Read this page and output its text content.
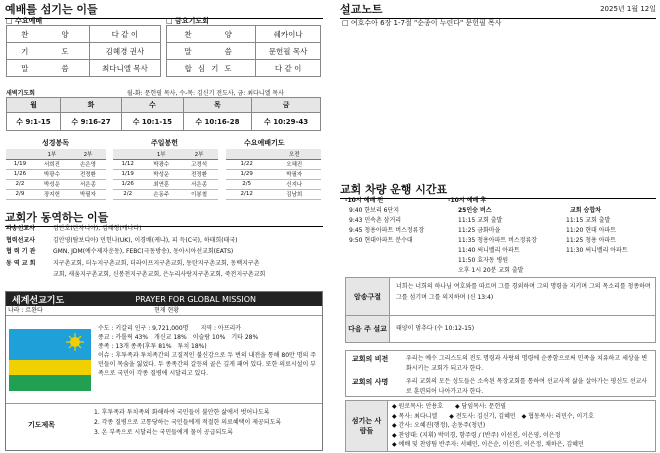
예배를 섬기는 이들
□ 수요예배
찬　　양	다 같 이
기　　도	김혜경 권사
말　　씀	최다니엘 목사
□ 금요기도회
찬　　양	쉐카이나
말　　씀	문헌필 목사
합심기도	다 같 이
새벽기도회	월-화: 문헌필 목사, 수-목: 김신기 전도사, 금: 최다니엘 목사
월	화	수	목	금
수 9:1-15	수 9:16-27	수 10:1-15	수 10:16-28	수 10:29-43
성경봉독
	1부	2부
1/19	서희진	손은영
1/26	박광수	전정환
2/2	박성운	서은종
2/9	장지헌	박필자
주일봉헌
	1부	2부
1/12	박광수	고경석
1/19	박성운	전정환
1/26	최연훈	서은종
2/2	손동주	이봉철
수요예배기도
	오전
1/22	오혜진
1/29	박필자
2/5	신지나
2/12	김남희
교회가 동역하는 이들
파송선교사	김안호(탄자니아), 김태형(캐나다)
협력선교사	김안영(탐보디아) 민헌나(UK), 이경배(케냐), 피 득(C국), 하태희(태국)
협 력 기 관	GMN, JDM(예수제자운동), FEBC(극동방송), 동아시아선교회(EATS)
동 역 교 회	지구촌교회, 더누지구촌교회, 더라이프지구촌교회, 동탄지구촌교회, 동백지구촌
교회, 새움지구촌교회, 신봉천지구촌교회, 은누리사랑지구촌교회, 죽전지구촌교회
세계선교기도	PRAYER FOR GLOBAL MISSION
나라 : 르완다	현재 현황
수도 : 키갈리 인구 : 9,721,000명　　지역 : 아프리카
종교 : 카톨릭 43%　개신교 18%　이슬람 10%　기타 28%
종족 : 13개 종족(후투 81%　투치 18%)
이슈 : 후투족과 투치족간의 고질적인 불신감으로 두 번의 내전을 통해 80만 명의 주민들이 목숨을 잃었다. 두 종족간의 갈등의 골은 깊게 패여 있다. 또한 의료시설이 부족으로 국민이 각종 질병에 시달리고 있다.
기도제목
1. 후투족과 투치족의 화해하여 국민들이 불안한 삶에서 벗어나도록
2. 각종 질병으로 고통당하는 국민들에게 적절한 의료혜택이 제공되도록
3. 온 부족으로 시달리는 국민들에게 물이 공급되도록
설교노트	2025년 1월 12일
□ 여호수아 6장 1-7절 "순종이 누린다" 문헌필 목사
교회 차량 운행 시간표
-10시 예배 전
9:40 한보리 6단지
9:43 민속촌 삼거리
9:45 청용아파트 버스정류장
9:50 현대아파트 분수대
-10시 예배 후
25인승 버스
11:15 교회 출발
11:25 금화마을
11:35 청용아파트 버스정류장
11:40 써니밸리 아파트
11:50 효자동 병원
오후 1시 20분 교회 출발
교회 승합차
11:15 교회 출발
11:20 현대 아파트
11:25 청용 아파트
11:30 써니밸리 아파트
암송구절
너희는 너희의 하나님 여호와를 따르며 그를 경외하며 그의 명령을 지키며 그의 목소리를 청종하며 그를 섬기며 그를 의지하며 (신 13:4)
다음 주 설교	태양이 멈추다 (수 10:12-15)
교회의 비전	우리는 예수 그리스도의 전도 명령과 사랑의 명령에 순종함으로써 민족을 치유하고 세상을 변화시키는 교회가 되고자 한다.
교회의 사명	우리 교회의 모든 성도들은 소속된 목장교회를 통하여 선교사적 삶을 살아가는 평신도 선교사로 훈련되어 나아가고자 한다.
섬기는 사람들
◆ 원로목사: 안용호　　◆ 담임목사: 문헌필
◆ 목사: 최다니엘　　◆ 전도사: 김신기, 김혜민　◆ 협동목사: 리민수, 이기호
◆ 간사: 오혜진(행정), 손동주(청년)
◆ 찬양대: (지휘) 박미경, 함주령 / (반주) 이선진, 이은영, 이은정
◆ 예배 및 찬양팀 반주자: 서혜민, 이은순, 이선진, 이은정, 채하은, 김혜민
